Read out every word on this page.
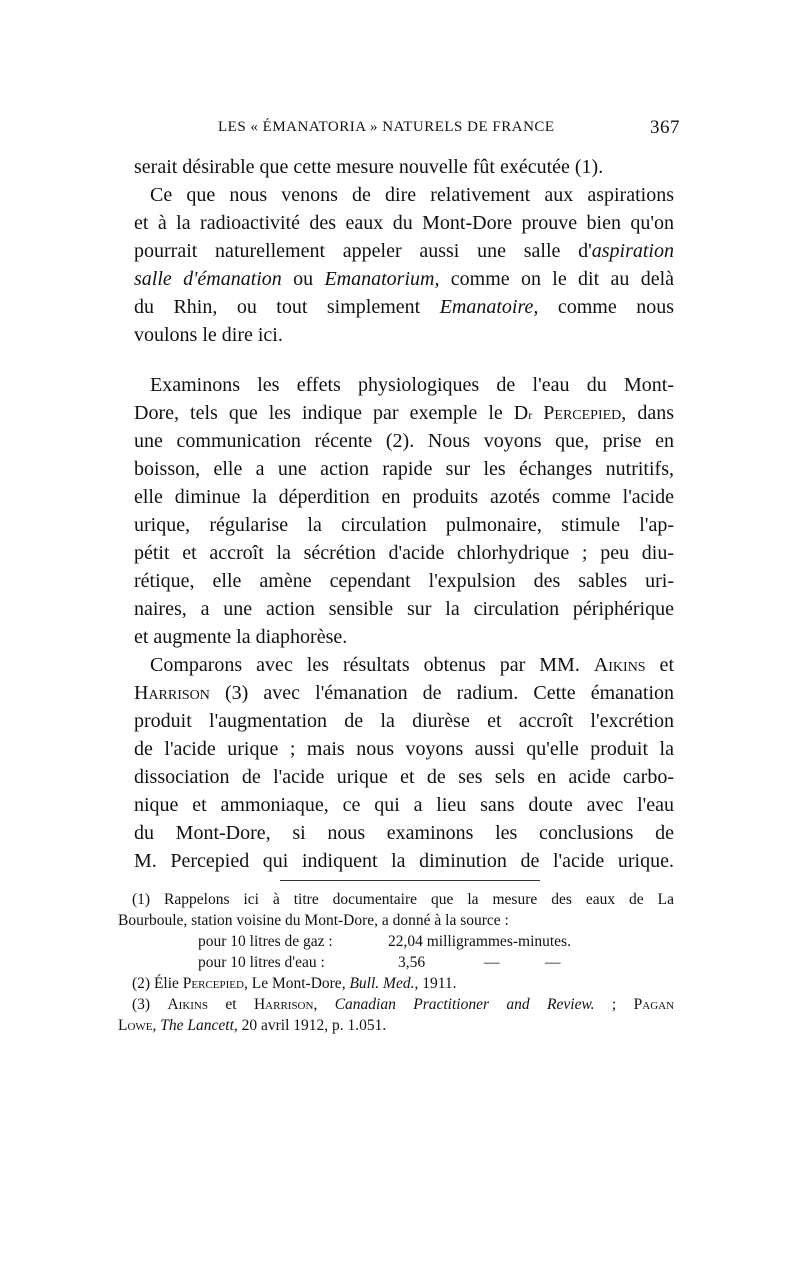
LES « ÉMANATORIA » NATURELS DE FRANCE	367
serait désirable que cette mesure nouvelle fût exécutée (1).
Ce que nous venons de dire relativement aux aspirations
et à la radioactivité des eaux du Mont-Dore prouve bien qu'on
pourrait naturellement appeler aussi une salle d'aspiration
salle d'émanation ou Emanatorium, comme on le dit au delà
du Rhin, ou tout simplement Emanatoire, comme nous
voulons le dire ici.
Examinons les effets physiologiques de l'eau du Mont-
Dore, tels que les indique par exemple le $D^r$ Percepied, dans
une communication récente (2). Nous voyons que, prise en
boisson, elle a une action rapide sur les échanges nutritifs,
elle diminue la déperdition en produits azotés comme l'acide
urique, régularise la circulation pulmonaire, stimule l'ap-
pétit et accroît la sécrétion d'acide chlorhydrique ; peu diu-
rétique, elle amène cependant l'expulsion des sables uri-
naires, a une action sensible sur la circulation périphérique
et augmente la diaphorèse.
Comparons avec les résultats obtenus par MM. Aikins et
Harrison (3) avec l'émanation de radium. Cette émanation
produit l'augmentation de la diurèse et accroît l'excrétion
de l'acide urique ; mais nous voyons aussi qu'elle produit la
dissociation de l'acide urique et de ses sels en acide carbo-
nique et ammoniaque, ce qui a lieu sans doute avec l'eau
du Mont-Dore, si nous examinons les conclusions de
M. Percepied qui indiquent la diminution de l'acide urique.
(1) Rappelons ici à titre documentaire que la mesure des eaux de La
Bourboule, station voisine du Mont-Dore, a donné à la source :
pour 10 litres de gaz :	22,04 milligrammes-minutes.
pour 10 litres d'eau :	3,56	—	—
(2) Élie Percepied, Le Mont-Dore, Bull. Med., 1911.
(3) Aikins et Harrison, Canadian Practitioner and Review. ; Pagan
Lowe, The Lancett, 20 avril 1912, p. 1.051.
